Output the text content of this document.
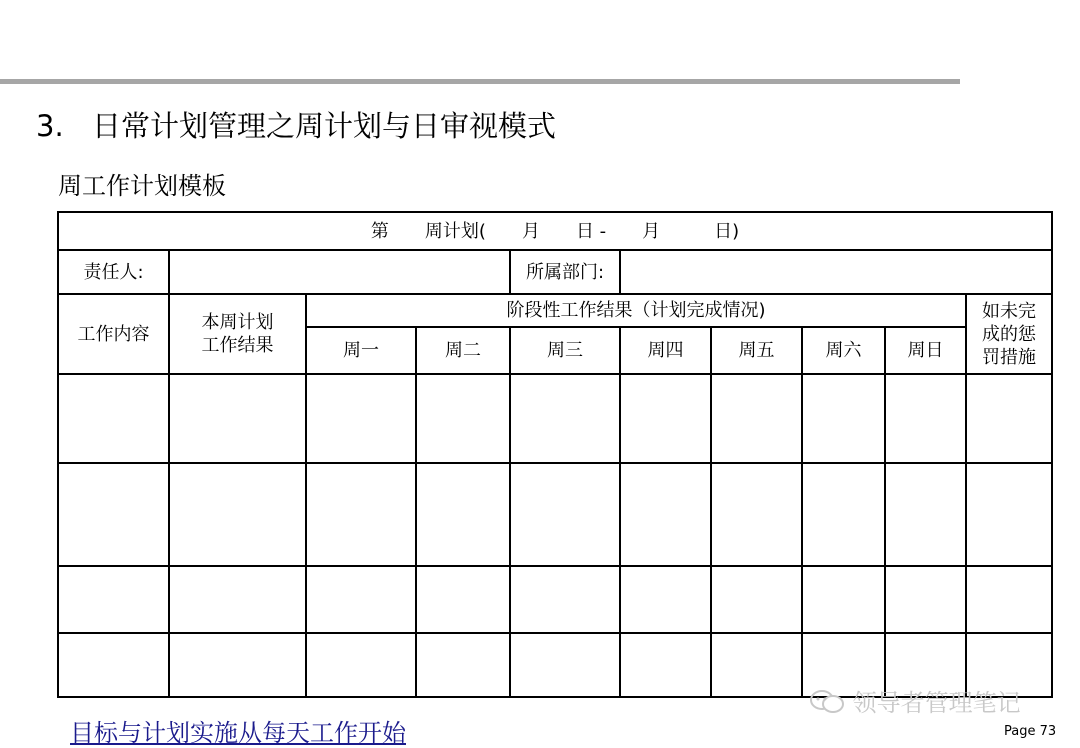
3. 日常计划管理之周计划与日审视模式
周工作计划模板
第　　周计划(　　月　　日 -　　月　　　日)									
责任人:				所属部门:					
工作内容	本周计划工作结果	阶段性工作结果（计划完成情况)							如未完成的惩罚措施

		周一	周二	周三	周四	周五	周六	周日	

领导者管理笔记
目标与计划实施从每天工作开始	Page 73
